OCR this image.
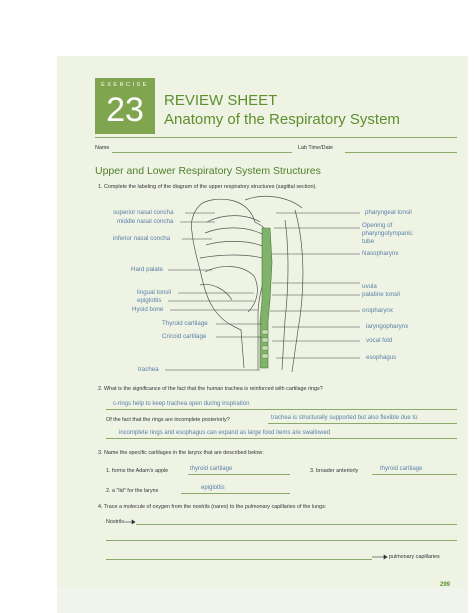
EXERCISE
23	REVIEW SHEET
Anatomy of the Respiratory System
Name	Lab Time/Date
Upper and Lower Respiratory System Structures
1. Complete the labeling of the diagram of the upper respiratory structures (sagittal section).
superior nasal concha
middle nasal concha
inferior nasal concha
Hard palate
lingual tonsil
epiglottis
Hyoid bone
Thyroid cartilage
Cricoid cartilage
trachea
pharyngeal tonsil
Opening of
pharyngotympanic
tube
Nasopharynx
uvula
palatine tonsil
oropharynx
laryngopharynx
vocal fold
esophagus
2. What is the significance of the fact that the human trachea is reinforced with cartilage rings?
c-rings help to keep trachea open during inspiration
Of the fact that the rings are incomplete posteriorly?	trachea is structurally supported but also flexible due to
incomplete rings and esophagus can expand as large food items are swallowed
3. Name the specific cartilages in the larynx that are described below:
1. forms the Adam's apple	thyroid cartilage	3. broader anteriorly	thyroid cartilage
2. a "lid" for the larynx	epiglottis
4. Trace a molecule of oxygen from the nostrils (nares) to the pulmonary capillaries of the lungs:
Nostrils
pulmonary capillaries
299
